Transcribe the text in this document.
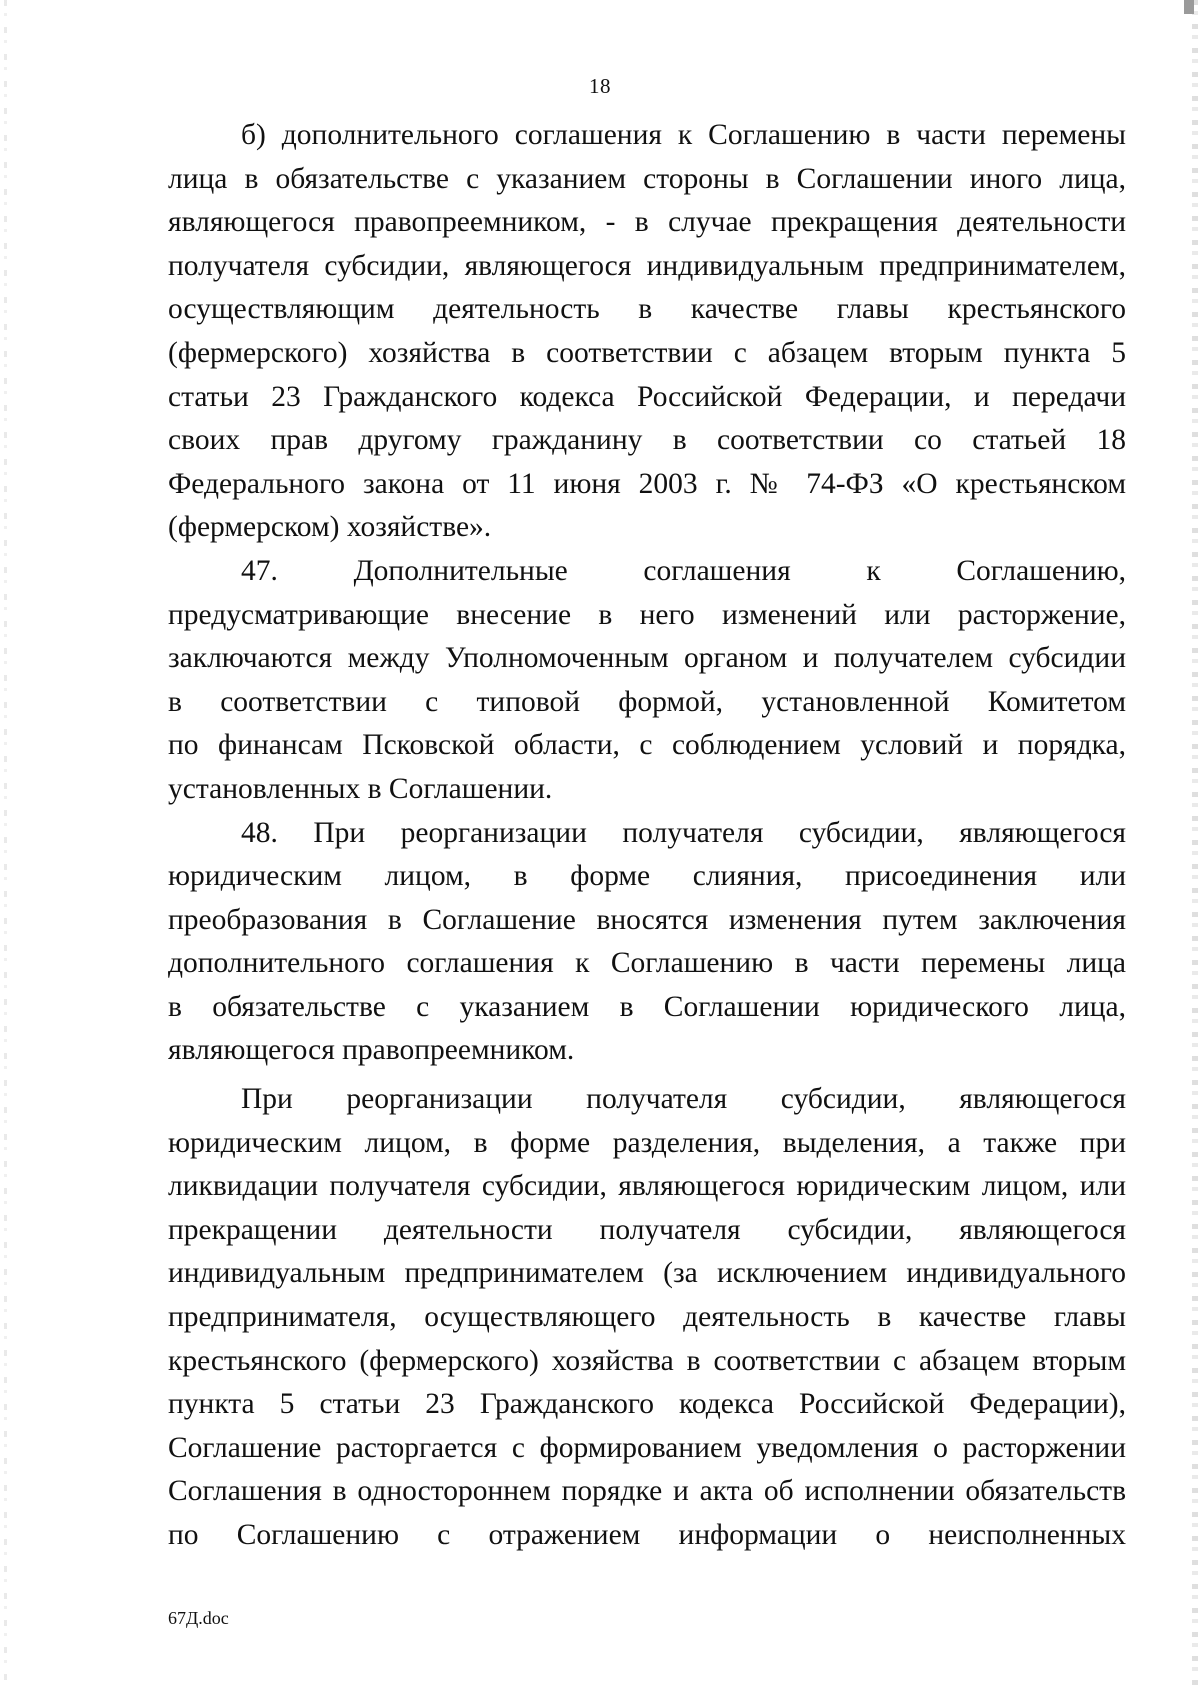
18
б) дополнительного соглашения к Соглашению в части перемены
лица в обязательстве с указанием стороны в Соглашении иного лица,
являющегося правопреемником, - в случае прекращения деятельности
получателя субсидии, являющегося индивидуальным предпринимателем,
осуществляющим деятельность в качестве главы крестьянского
(фермерского) хозяйства в соответствии с абзацем вторым пункта 5
статьи 23 Гражданского кодекса Российской Федерации, и передачи
своих прав другому гражданину в соответствии со статьей 18
Федерального закона от 11 июня 2003 г. № 74-ФЗ «О крестьянском
(фермерском) хозяйстве».
47. Дополнительные соглашения к Соглашению,
предусматривающие внесение в него изменений или расторжение,
заключаются между Уполномоченным органом и получателем субсидии
в соответствии с типовой формой, установленной Комитетом
по финансам Псковской области, с соблюдением условий и порядка,
установленных в Соглашении.
48. При реорганизации получателя субсидии, являющегося
юридическим лицом, в форме слияния, присоединения или
преобразования в Соглашение вносятся изменения путем заключения
дополнительного соглашения к Соглашению в части перемены лица
в обязательстве с указанием в Соглашении юридического лица,
являющегося правопреемником.
При реорганизации получателя субсидии, являющегося
юридическим лицом, в форме разделения, выделения, а также при
ликвидации получателя субсидии, являющегося юридическим лицом, или
прекращении деятельности получателя субсидии, являющегося
индивидуальным предпринимателем (за исключением индивидуального
предпринимателя, осуществляющего деятельность в качестве главы
крестьянского (фермерского) хозяйства в соответствии с абзацем вторым
пункта 5 статьи 23 Гражданского кодекса Российской Федерации),
Соглашение расторгается с формированием уведомления о расторжении
Соглашения в одностороннем порядке и акта об исполнении обязательств
по Соглашению с отражением информации о неисполненных
67Д.doc
